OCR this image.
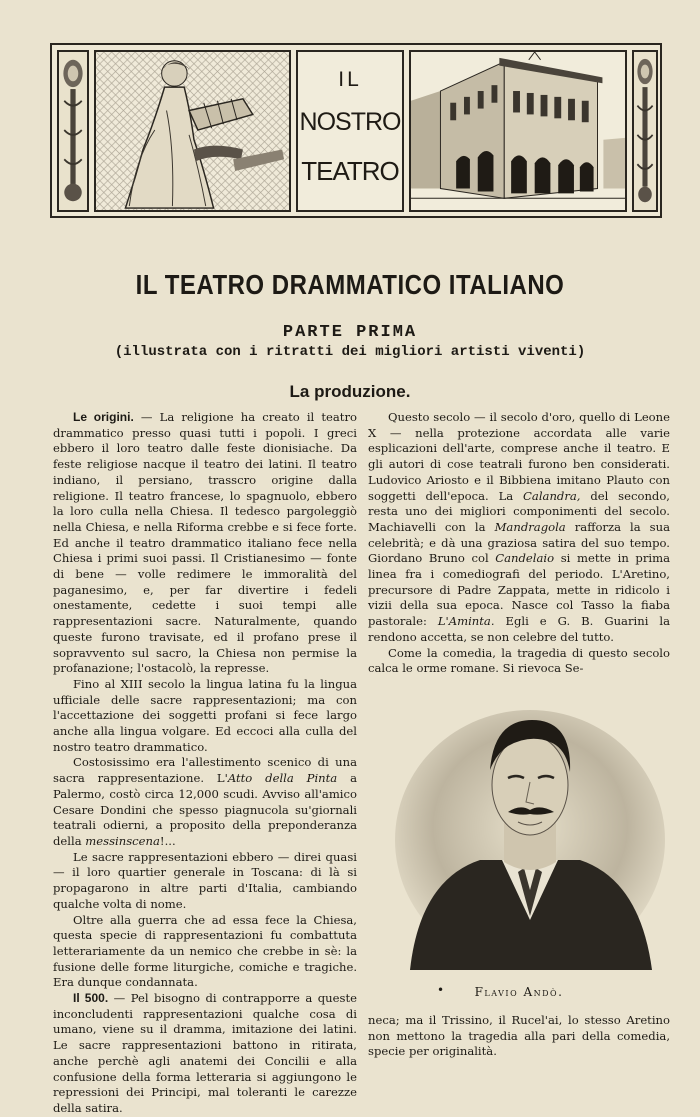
IL
NOSTRO
TEATRO
IL TEATRO DRAMMATICO ITALIANO
PARTE PRIMA
(illustrata con i ritratti dei migliori artisti viventi)
La produzione.

Le origini. — La religione ha creato il teatro drammatico presso quasi tutti i popoli. I greci ebbero il loro teatro dalle feste dionisiache. Da feste religiose nacque il teatro dei latini. Il teatro indiano, il persiano, trasscro origine dalla religione. Il teatro francese, lo spagnuolo, ebbero la loro culla nella Chiesa. Il tedesco pargoleggiò nella Chiesa, e nella Riforma crebbe e si fece forte. Ed anche il teatro drammatico italiano fece nella Chiesa i primi suoi passi. Il Cristianesimo — fonte di bene — volle redimere le immoralità del paganesimo, e, per far divertire i fedeli onestamente, cedette i suoi tempi alle rappresentazioni sacre. Naturalmente, quando queste furono travisate, ed il profano prese il sopravvento sul sacro, la Chiesa non permise la profanazione; l'ostacolò, la represse.

Fino al XIII secolo la lingua latina fu la lingua ufficiale delle sacre rappresentazioni; ma con l'accettazione dei soggetti profani si fece largo anche alla lingua volgare. Ed eccoci alla culla del nostro teatro drammatico.

Costosissimo era l'allestimento scenico di una sacra rappresentazione. L'Atto della Pinta a Palermo, costò circa 12,000 scudi. Avviso all'amico Cesare Dondini che spesso piagnucola su'giornali teatrali odierni, a proposito della preponderanza della messinscena!...

Le sacre rappresentazioni ebbero — direi quasi — il loro quartier generale in Toscana: di là si propagarono in altre parti d'Italia, cambiando qualche volta di nome.

Oltre alla guerra che ad essa fece la Chiesa, questa specie di rappresentazioni fu combattuta letterariamente da un nemico che crebbe in sè: la fusione delle forme liturgiche, comiche e tragiche. Era dunque condannata.

Il 500. — Pel bisogno di contrapporre a queste inconcludenti rappresentazioni qualche cosa di umano, viene su il dramma, imitazione dei latini. Le sacre rappresentazioni battono in ritirata, anche perchè agli anatemi dei Concilii e alla confusione della forma letteraria si aggiungono le repressioni dei Principi, mal toleranti le carezze della satira.

Questo secolo — il secolo d'oro, quello di Leone X — nella protezione accordata alle varie esplicazioni dell'arte, comprese anche il teatro. E gli autori di cose teatrali furono ben considerati. Ludovico Ariosto e il Bibbiena imitano Plauto con soggetti dell'epoca. La Calandra, del secondo, resta uno dei migliori componimenti del secolo. Machiavelli con la Mandragola rafforza la sua celebrità; e dà una graziosa satira del suo tempo. Giordano Bruno col Candelaio si mette in prima linea fra i comediografi del periodo. L'Aretino, precursore di Padre Zappata, mette in ridicolo i vizii della sua epoca. Nasce col Tasso la fiaba pastorale: L'Aminta. Egli e G. B. Guarini la rendono accetta, se non celebre del tutto.

Come la comedia, la tragedia di questo secolo calca le orme romane. Si rievoca Se-

•	Flavio Andò.

neca; ma il Trissino, il Rucel'ai, lo stesso Aretino non mettono la tragedia alla pari della comedia, specie per originalità.
